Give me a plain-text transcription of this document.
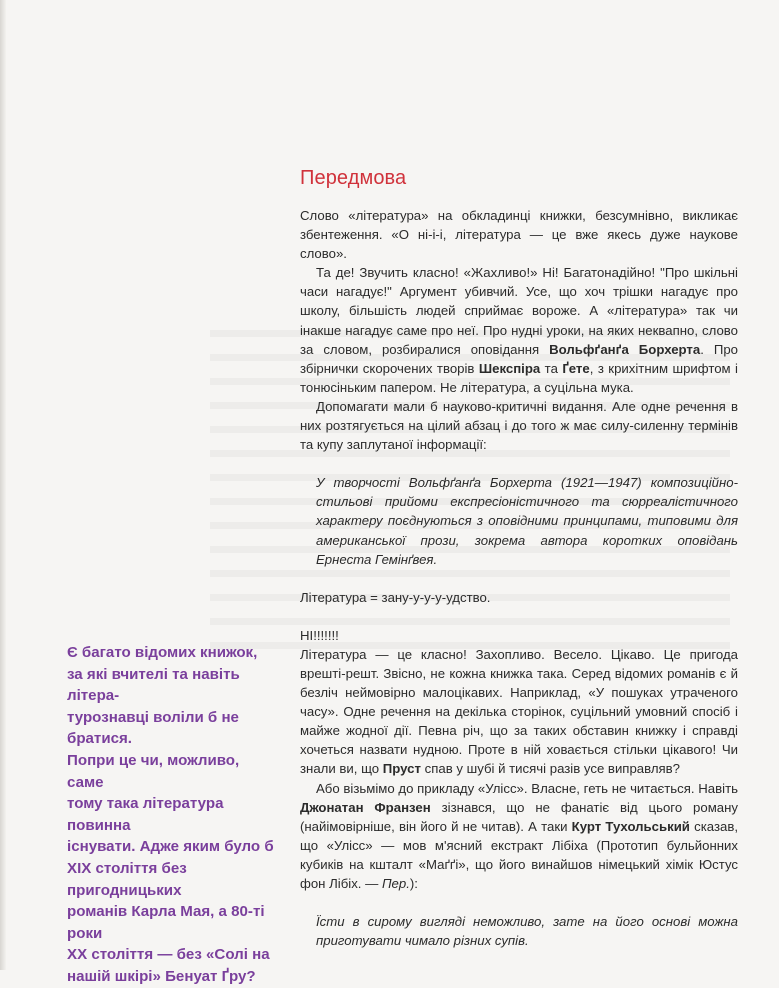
Передмова

Слово «література» на обкладинці книжки, безсумнівно, викликає збентеження. «О ні-і-і, література — це вже якесь дуже наукове слово».

Та де! Звучить класно! «Жахливо!» Ні! Багатонадійно! "Про шкільні часи нагадує!" Аргумент убивчий. Усе, що хоч трішки нагадує про школу, більшість людей сприймає вороже. А «література» так чи інакше нагадує саме про неї. Про нудні уроки, на яких неквапно, слово за словом, розбиралися оповідання Вольфґанґа Борхерта. Про збірнички скорочених творів Шекспіра та Ґете, з крихітним шрифтом і тонюсіньким папером. Не література, а суцільна мука.

Допомагати мали б науково-критичні видання. Але одне речення в них розтягується на цілий абзац і до того ж має силу-силенну термінів та купу заплутаної інформації:

У творчості Вольфґанґа Борхерта (1921—1947) композиційно-стильові прийоми експресіоністичного та сюрреалістичного характеру поєднуються з оповідними принципами, типовими для американської прози, зокрема автора коротких оповідань Ернеста Гемінґвея.

Література = зану-у-у-у-удство.

НІ!!!!!!!

Література — це класно! Захопливо. Весело. Цікаво. Це пригода врешті-решт. Звісно, не кожна книжка така. Серед відомих романів є й безліч неймовірно малоцікавих. Наприклад, «У пошуках утраченого часу». Одне речення на декілька сторінок, суцільний умовний спосіб і майже жодної дії. Певна річ, що за таких обставин книжку і справді хочеться назвати нудною. Проте в ній ховається стільки цікавого! Чи знали ви, що Пруст спав у шубі й тисячі разів усе виправляв?

Або візьмімо до прикладу «Улісс». Власне, геть не читається. Навіть Джонатан Франзен зізнався, що не фанатіє від цього роману (найімовірніше, він його й не читав). А таки Курт Тухольський сказав, що «Улісс» — мов м'ясний екстракт Лібіха (Прототип бульйонних кубиків на кшталт «Маґґі», що його винайшов німецький хімік Юстус фон Лібіх. — Пер.):

Їсти в сирому вигляді неможливо, зате на його основі можна приготувати чимало різних супів.

Є багато відомих книжок,
за які вчителі та навіть літера-
турознавці воліли б не братися.
Попри це чи, можливо, саме
тому така література повинна
існувати. Адже яким було б
XIX століття без пригодницьких
романів Карла Мая, а 80-ті роки
XX століття — без «Солі на
нашій шкірі» Бенуат Ґру?
